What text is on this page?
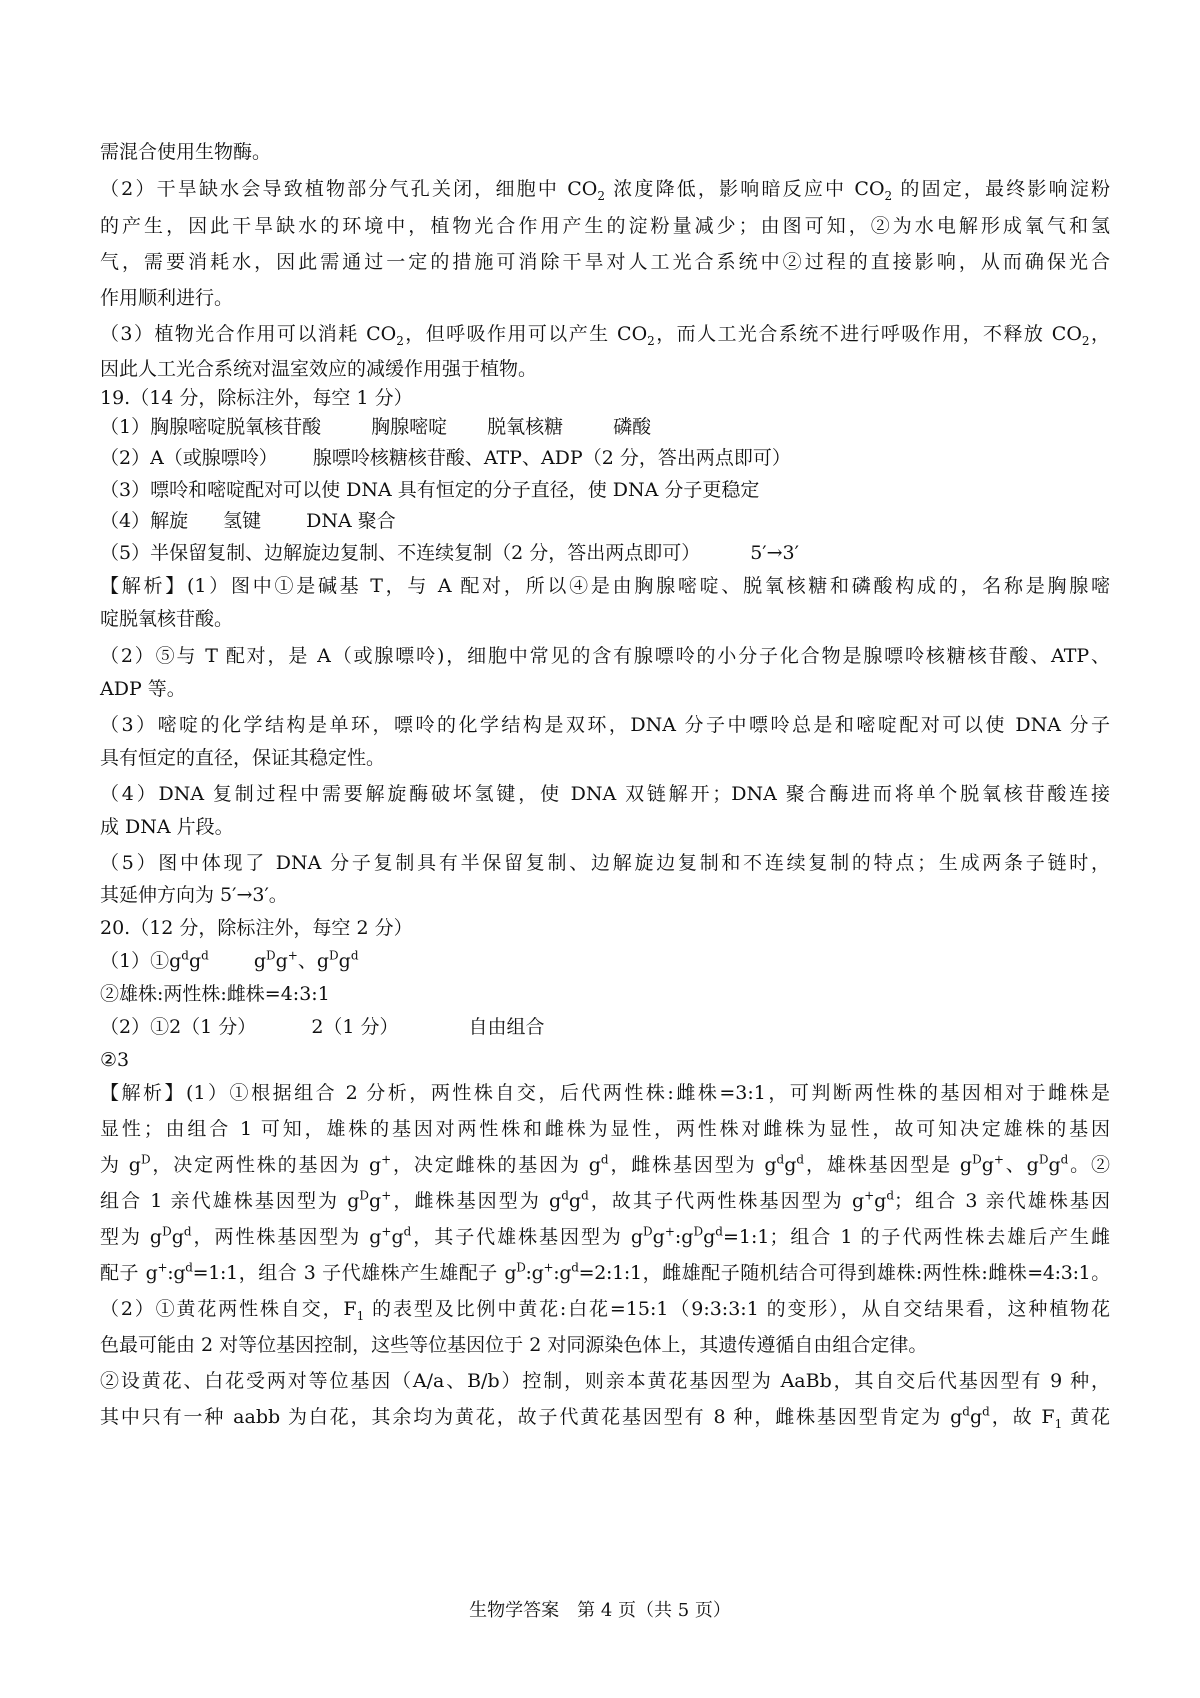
需混合使用生物酶。
（2）干旱缺水会导致植物部分气孔关闭，细胞中 $CO_2$ 浓度降低，影响暗反应中 $CO_2$ 的固定，最终影响淀粉
的产生，因此干旱缺水的环境中，植物光合作用产生的淀粉量减少；由图可知，②为水电解形成氧气和氢
气，需要消耗水，因此需通过一定的措施可消除干旱对人工光合系统中②过程的直接影响，从而确保光合
作用顺利进行。
（3）植物光合作用可以消耗 $CO_2$，但呼吸作用可以产生 $CO_2$，而人工光合系统不进行呼吸作用，不释放 $CO_2$，
因此人工光合系统对温室效应的减缓作用强于植物。
19.（14 分，除标注外，每空 1 分）
（1）胸腺嘧啶脱氧核苷酸	胸腺嘧啶 脱氧核糖	磷酸
（2）A（或腺嘌呤） 腺嘌呤核糖核苷酸、ATP、ADP（2 分，答出两点即可）
（3）嘌呤和嘧啶配对可以使 DNA 具有恒定的分子直径，使 DNA 分子更稳定
（4）解旋 氢键 DNA 聚合
（5）半保留复制、边解旋边复制、不连续复制（2 分，答出两点即可）	5′→3′
【解析】(1）图中①是碱基 T，与 A 配对，所以④是由胸腺嘧啶、脱氧核糖和磷酸构成的，名称是胸腺嘧
啶脱氧核苷酸。
（2）⑤与 T 配对，是 A（或腺嘌呤)，细胞中常见的含有腺嘌呤的小分子化合物是腺嘌呤核糖核苷酸、ATP、
ADP 等。
（3）嘧啶的化学结构是单环，嘌呤的化学结构是双环，DNA 分子中嘌呤总是和嘧啶配对可以使 DNA 分子
具有恒定的直径，保证其稳定性。
（4）DNA 复制过程中需要解旋酶破坏氢键，使 DNA 双链解开；DNA 聚合酶进而将单个脱氧核苷酸连接
成 DNA 片段。
（5）图中体现了 DNA 分子复制具有半保留复制、边解旋边复制和不连续复制的特点；生成两条子链时，
其延伸方向为 5′→3′。
20.（12 分，除标注外，每空 2 分）
$(1)①g^dg^d$ $g^Dg^+$、$g^Dg^d$
②雄株:两性株:雌株=4:3:1
（2）①2（1 分）	2（1 分）	自由组合
②3
【解析】(1）①根据组合 2 分析，两性株自交，后代两性株:雌株=3:1，可判断两性株的基因相对于雌株是
显性；由组合 1 可知，雄株的基因对两性株和雌株为显性，两性株对雌株为显性，故可知决定雄株的基因
为 $g^D$，决定两性株的基因为 g+，决定雌株的基因为 $g^d$，雌株基因型为 $g^dg^d$，雄株基因型是 $g^Dg^+$、$g^Dg^d$。②
组合 1 亲代雄株基因型为 $g^Dg^+$，雌株基因型为 $g^dg^d$，故其子代两性株基因型为 $g^+g^d$；组合 3 亲代雄株基因
型为 $g^Dg^d$，两性株基因型为 $g^+g^d$，其子代雄株基因型为 $g^Dg^+:g^Dg^d=1:1$；组合 1 的子代两性株去雄后产生雌
配子 $g^+:g^d=1:1$，组合 3 子代雄株产生雄配子 $g^D:g^+:g^d=2:1:1$，雌雄配子随机结合可得到雄株:两性株:雌株=4:3:1。
（2）①黄花两性株自交，$F_1$ 的表型及比例中黄花:白花=15:1（9:3:3:1 的变形），从自交结果看，这种植物花
色最可能由 2 对等位基因控制，这些等位基因位于 2 对同源染色体上，其遗传遵循自由组合定律。
②设黄花、白花受两对等位基因（A/a、B/b）控制，则亲本黄花基因型为 AaBb，其自交后代基因型有 9 种，
其中只有一种 aabb 为白花，其余均为黄花，故子代黄花基因型有 8 种，雌株基因型肯定为 $g^dg^d$，故 $F_1$ 黄花
生物学答案　第 4 页（共 5 页）
